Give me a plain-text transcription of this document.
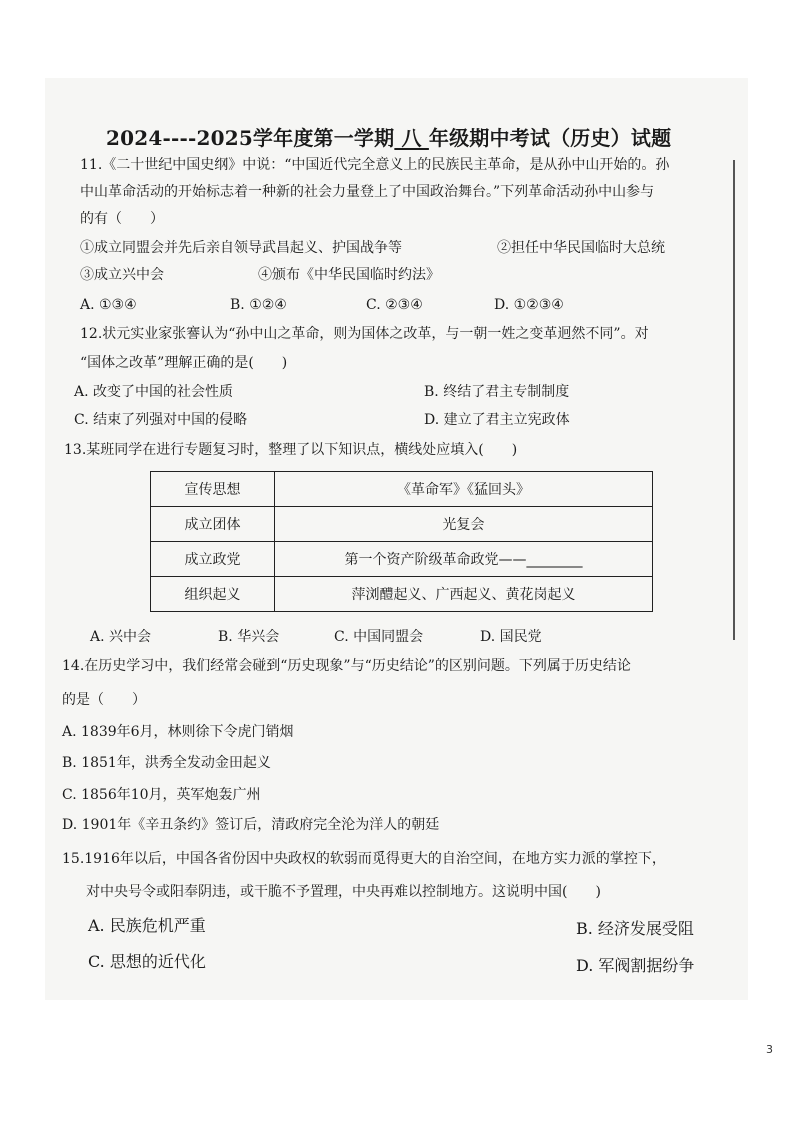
2024----2025学年度第一学期 八 年级期中考试（历史）试题
11.《二十世纪中国史纲》中说：“中国近代完全意义上的民族民主革命，是从孙中山开始的。孙
中山革命活动的开始标志着一种新的社会力量登上了中国政治舞台。”下列革命活动孙中山参与
的有（　　）
①成立同盟会并先后亲自领导武昌起义、护国战争等	②担任中华民国临时大总统
③成立兴中会	④颁布《中华民国临时约法》
A. ①③④	B. ①②④	C. ②③④	D. ①②③④
12.状元实业家张謇认为“孙中山之革命，则为国体之改革，与一朝一姓之变革迥然不同”。对
“国体之改革”理解正确的是(　　)
A. 改变了中国的社会性质	B. 终结了君主专制制度
C. 结束了列强对中国的侵略	D. 建立了君主立宪政体
13.某班同学在进行专题复习时，整理了以下知识点，横线处应填入(　　)
宣传思想	《革命军》《猛回头》
成立团体	光复会
成立政党	第一个资产阶级革命政党——________
组织起义	萍浏醴起义、广西起义、黄花岗起义
A. 兴中会	B. 华兴会	C. 中国同盟会	D. 国民党
14.在历史学习中，我们经常会碰到“历史现象”与“历史结论”的区别问题。下列属于历史结论
的是（　　）
A. 1839年6月，林则徐下令虎门销烟
B. 1851年，洪秀全发动金田起义
C. 1856年10月，英军炮轰广州
D. 1901年《辛丑条约》签订后，清政府完全沦为洋人的朝廷
15.1916年以后，中国各省份因中央政权的软弱而觅得更大的自治空间，在地方实力派的掌控下，
对中央号令或阳奉阴违，或干脆不予置理，中央再难以控制地方。这说明中国(　　)
A. 民族危机严重	B. 经济发展受阻
C. 思想的近代化	D. 军阀割据纷争
3
